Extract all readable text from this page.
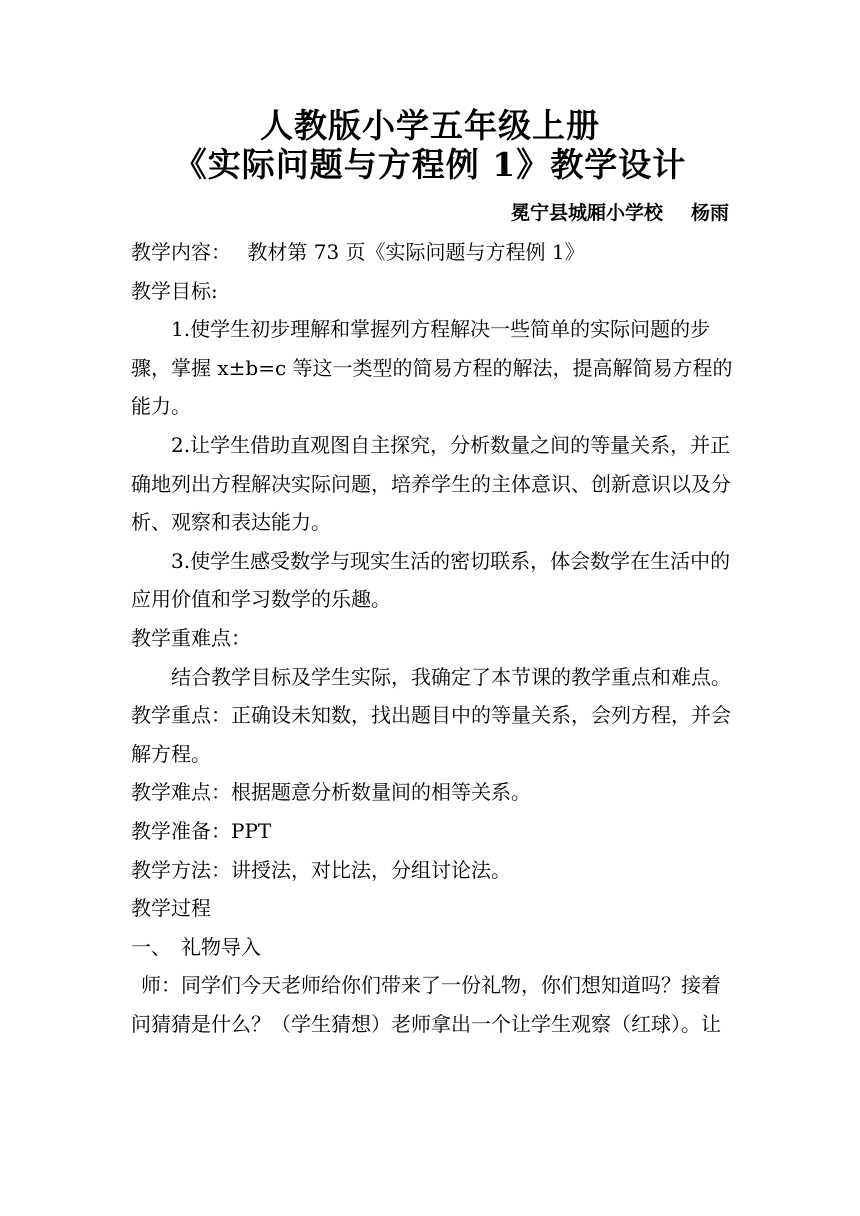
人教版小学五年级上册
《实际问题与方程例 1》教学设计
冕宁县城厢小学校 杨雨

教学内容：　 教材第 73 页《实际问题与方程例 1》

教学目标:

1.使学生初步理解和掌握列方程解决一些简单的实际问题的步

骤，掌握 x±b=c 等这一类型的简易方程的解法，提高解简易方程的

能力。

2.让学生借助直观图自主探究，分析数量之间的等量关系，并正

确地列出方程解决实际问题，培养学生的主体意识、创新意识以及分

析、观察和表达能力。

3.使学生感受数学与现实生活的密切联系，体会数学在生活中的

应用价值和学习数学的乐趣。

教学重难点：

结合教学目标及学生实际，我确定了本节课的教学重点和难点。

教学重点：正确设未知数，找出题目中的等量关系，会列方程，并会

解方程。

教学难点：根据题意分析数量间的相等关系。

教学准备：PPT

教学方法：讲授法，对比法，分组讨论法。

教学过程

一、　礼物导入

师：同学们今天老师给你们带来了一份礼物，你们想知道吗？接着

问猜猜是什么？（学生猜想）老师拿出一个让学生观察（红球）。让
